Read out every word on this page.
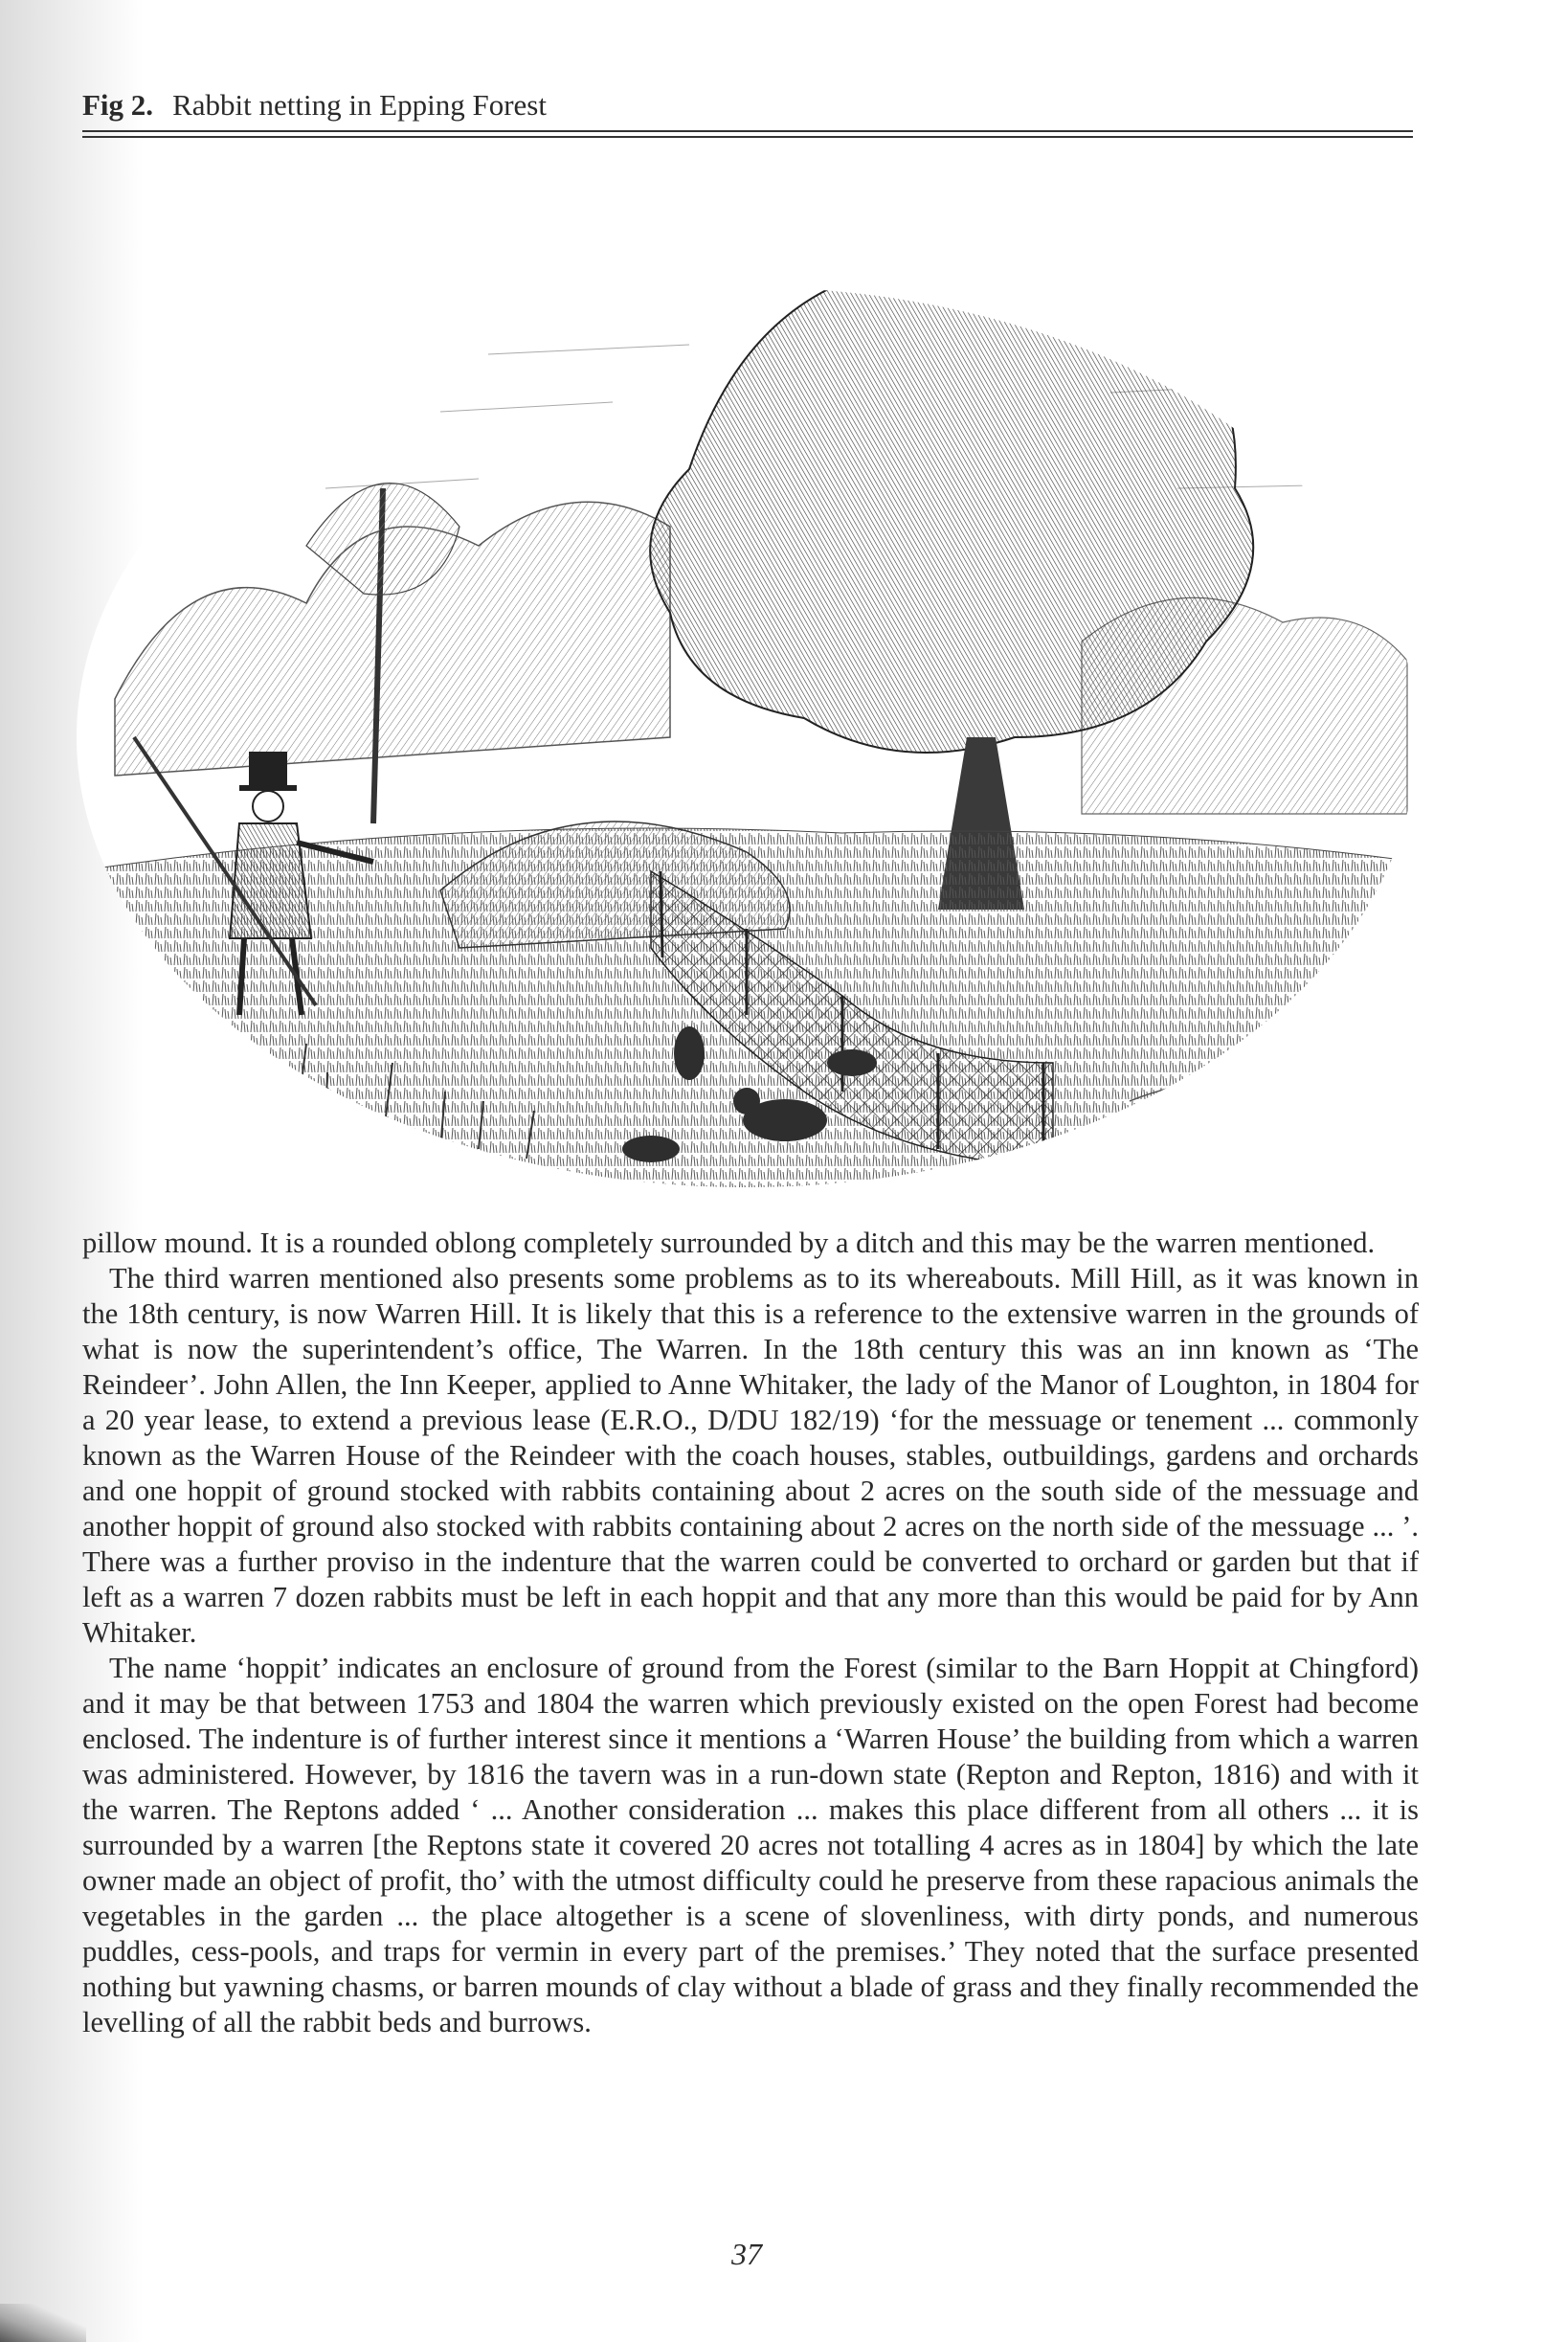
Fig 2. Rabbit netting in Epping Forest

pillow mound. It is a rounded oblong completely surrounded by a ditch and this may be the warren mentioned.

The third warren mentioned also presents some problems as to its whereabouts. Mill Hill, as it was known in the 18th century, is now Warren Hill. It is likely that this is a reference to the extensive warren in the grounds of what is now the superintendent’s office, The Warren. In the 18th century this was an inn known as ‘The Reindeer’. John Allen, the Inn Keeper, applied to Anne Whitaker, the lady of the Manor of Loughton, in 1804 for a 20 year lease, to extend a previous lease (E.R.O., D/DU 182/19) ‘for the messuage or tenement ... commonly known as the Warren House of the Reindeer with the coach houses, stables, outbuildings, gardens and orchards and one hoppit of ground stocked with rabbits containing about 2 acres on the south side of the messuage and another hoppit of ground also stocked with rabbits containing about 2 acres on the north side of the messuage ... ’. There was a further proviso in the indenture that the warren could be converted to orchard or garden but that if left as a warren 7 dozen rabbits must be left in each hoppit and that any more than this would be paid for by Ann Whitaker.

The name ‘hoppit’ indicates an enclosure of ground from the Forest (similar to the Barn Hoppit at Chingford) and it may be that between 1753 and 1804 the warren which previously existed on the open Forest had become enclosed. The indenture is of further interest since it mentions a ‘Warren House’ the building from which a warren was administered. However, by 1816 the tavern was in a run-down state (Repton and Repton, 1816) and with it the warren. The Reptons added ‘ ... Another consideration ... makes this place different from all others ... it is surrounded by a warren [the Reptons state it covered 20 acres not totalling 4 acres as in 1804] by which the late owner made an object of profit, tho’ with the utmost difficulty could he preserve from these rapacious animals the vegetables in the garden ... the place altogether is a scene of slovenliness, with dirty ponds, and numerous puddles, cess-pools, and traps for vermin in every part of the premises.’ They noted that the surface presented nothing but yawning chasms, or barren mounds of clay without a blade of grass and they finally recommended the levelling of all the rabbit beds and burrows.

37
